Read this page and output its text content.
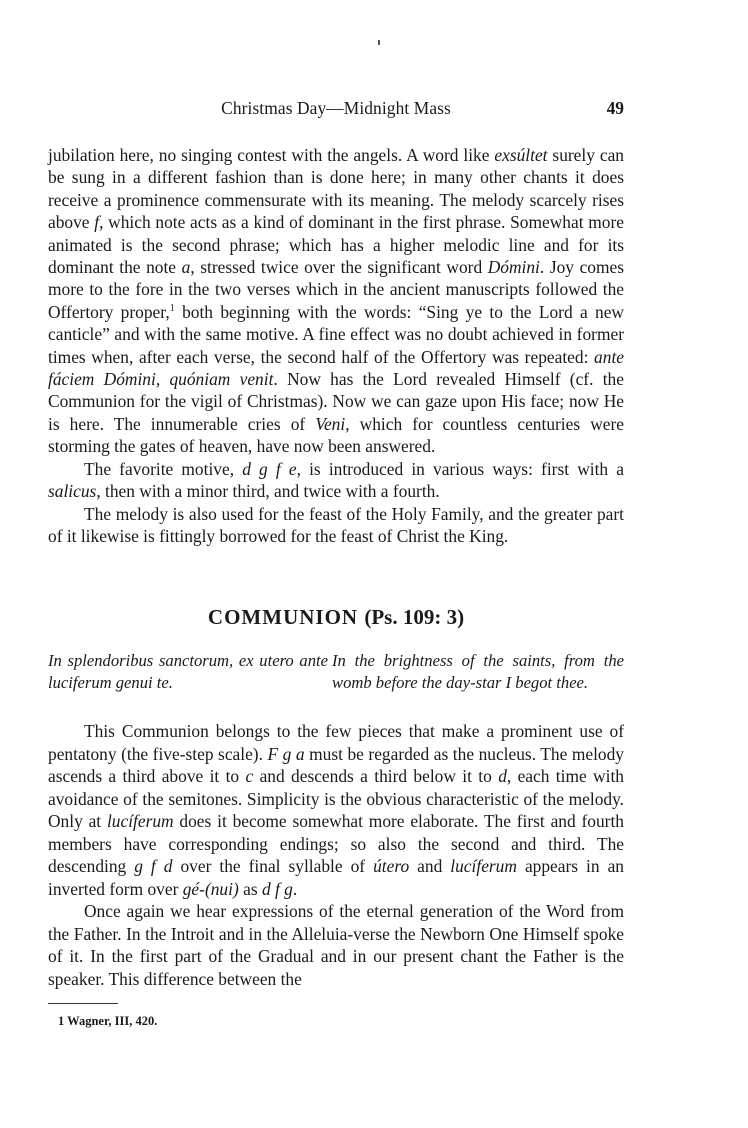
Christmas Day—Midnight Mass	49

jubilation here, no singing contest with the angels. A word like exsúltet surely can be sung in a different fashion than is done here; in many other chants it does receive a prominence commensurate with its meaning. The melody scarcely rises above f, which note acts as a kind of dominant in the first phrase. Somewhat more animated is the second phrase; which has a higher melodic line and for its dominant the note a, stressed twice over the significant word Dómini. Joy comes more to the fore in the two verses which in the ancient manuscripts followed the Offertory proper,$^1$ both beginning with the words: “Sing ye to the Lord a new canticle” and with the same motive. A fine effect was no doubt achieved in former times when, after each verse, the second half of the Offertory was repeated: ante fáciem Dómini, quóniam venit. Now has the Lord revealed Himself (cf. the Communion for the vigil of Christmas). Now we can gaze upon His face; now He is here. The innumerable cries of Veni, which for countless centuries were storming the gates of heaven, have now been answered.

The favorite motive, d g f e, is introduced in various ways: first with a salicus, then with a minor third, and twice with a fourth.

The melody is also used for the feast of the Holy Family, and the greater part of it likewise is fittingly borrowed for the feast of Christ the King.

COMMUNION (Ps. 109: 3)
In splendoribus sanctorum, ex utero ante luciferum genui te.
In the brightness of the saints, from the womb before the day-star I begot thee.

This Communion belongs to the few pieces that make a prominent use of pentatony (the five-step scale). F g a must be regarded as the nucleus. The melody ascends a third above it to c and descends a third below it to d, each time with avoidance of the semitones. Simplicity is the obvious characteristic of the melody. Only at lucíferum does it become somewhat more elaborate. The first and fourth members have corresponding endings; so also the second and third. The descending g f d over the final syllable of útero and lucíferum appears in an inverted form over gé-(nui) as d f g.

Once again we hear expressions of the eternal generation of the Word from the Father. In the Introit and in the Alleluia-verse the Newborn One Himself spoke of it. In the first part of the Gradual and in our present chant the Father is the speaker. This difference between the

1 Wagner, III, 420.
